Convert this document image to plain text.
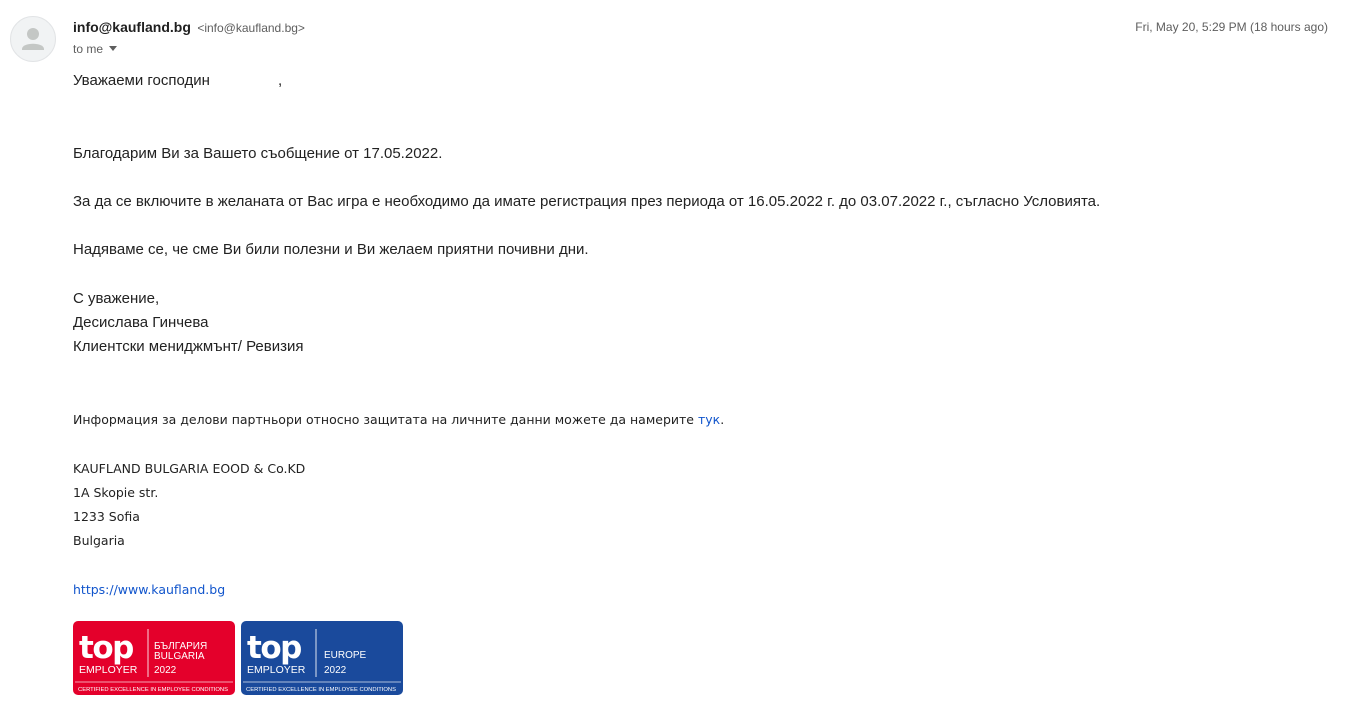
info@kaufland.bg <info@kaufland.bg>
to me
Fri, May 20, 5:29 PM (18 hours ago)
Уважаеми господин	,
Благодарим Ви за Вашето съобщение от 17.05.2022.
За да се включите в желаната от Вас игра е необходимо да имате регистрация през периода от 16.05.2022 г. до 03.07.2022 г., съгласно Условията.
Надяваме се, че сме Ви били полезни и Ви желаем приятни почивни дни.
С уважение,
Десислава Гинчева
Клиентски мениджмънт/ Ревизия
Информация за делови партньори относно защитата на личните данни можете да намерите тук.
KAUFLAND BULGARIA EOOD & Co.KD
1A Skopie str.
1233 Sofia
Bulgaria
https://www.kaufland.bg
top
EMPLOYER
БЪЛГАРИЯ
BULGARIA
2022
CERTIFIED EXCELLENCE IN EMPLOYEE CONDITIONS
top
EMPLOYER
EUROPE
2022
CERTIFIED EXCELLENCE IN EMPLOYEE CONDITIONS
